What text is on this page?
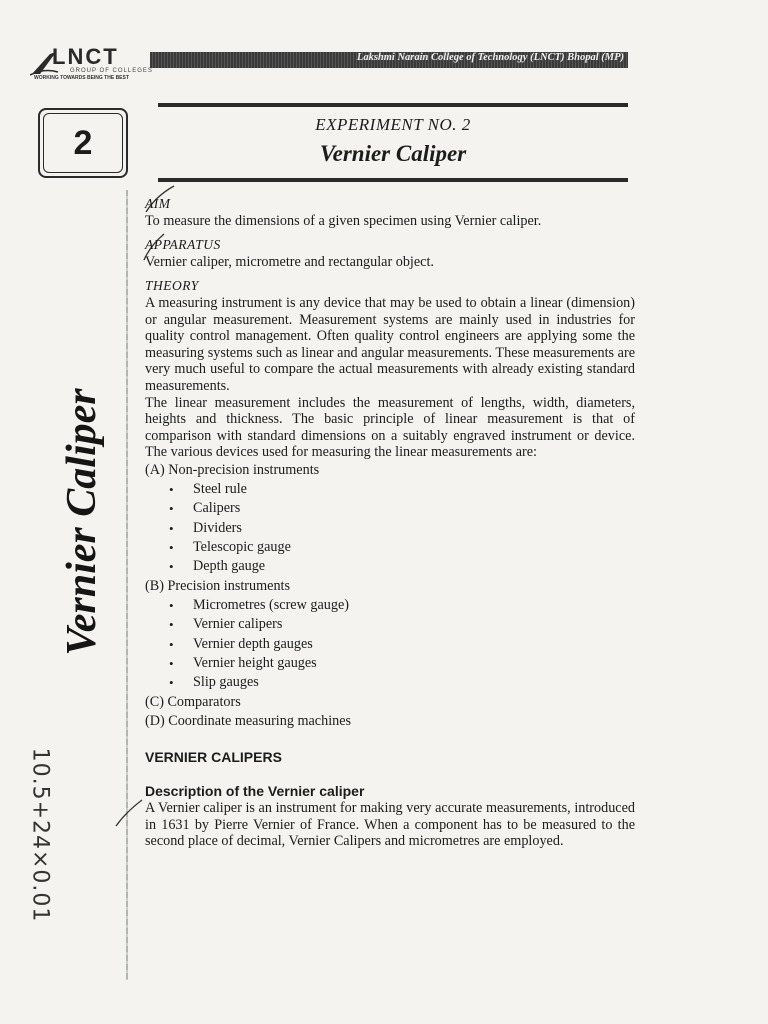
LNCT
GROUP OF COLLEGES
WORKING TOWARDS BEING THE BEST
Lakshmi Narain College of Technology (LNCT) Bhopal (MP)
2
Vernier Caliper
10.5+24×0.01
EXPERIMENT NO. 2
Vernier Caliper
AIM

To measure the dimensions of a given specimen using Vernier caliper.

APPARATUS

Vernier caliper, micrometre and rectangular object.

THEORY

A measuring instrument is any device that may be used to obtain a linear (dimension) or angular measurement. Measurement systems are mainly used in industries for quality control management. Often quality control engineers are applying some the measuring systems such as linear and angular measurements. These measurements are very much useful to compare the actual measurements with already existing standard measurements.

The linear measurement includes the measurement of lengths, width, diameters, heights and thickness. The basic principle of linear measurement is that of comparison with standard dimensions on a suitably engraved instrument or device. The various devices used for measuring the linear measurements are:

(A) Non-precision instruments
• Steel rule
• Calipers
• Dividers
• Telescopic gauge
• Depth gauge
(B) Precision instruments
• Micrometres (screw gauge)
• Vernier calipers
• Vernier depth gauges
• Vernier height gauges
• Slip gauges
(C) Comparators
(D) Coordinate measuring machines
VERNIER CALIPERS
Description of the Vernier caliper

A Vernier caliper is an instrument for making very accurate measurements, introduced in 1631 by Pierre Vernier of France. When a component has to be measured to the second place of decimal, Vernier Calipers and micrometres are employed.
